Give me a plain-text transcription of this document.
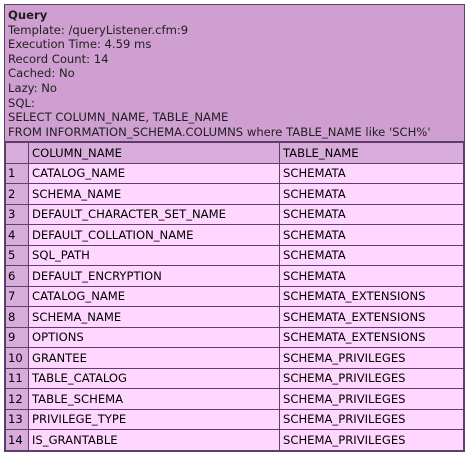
Query
Template: /queryListener.cfm:9
Execution Time: 4.59 ms
Record Count: 14
Cached: No
Lazy: No
SQL:
SELECT COLUMN_NAME, TABLE_NAME
FROM INFORMATION_SCHEMA.COLUMNS where TABLE_NAME like 'SCH%'
	COLUMN_NAME	TABLE_NAME
1	CATALOG_NAME	SCHEMATA
2	SCHEMA_NAME	SCHEMATA
3	DEFAULT_CHARACTER_SET_NAME	SCHEMATA
4	DEFAULT_COLLATION_NAME	SCHEMATA
5	SQL_PATH	SCHEMATA
6	DEFAULT_ENCRYPTION	SCHEMATA
7	CATALOG_NAME	SCHEMATA_EXTENSIONS
8	SCHEMA_NAME	SCHEMATA_EXTENSIONS
9	OPTIONS	SCHEMATA_EXTENSIONS
10	GRANTEE	SCHEMA_PRIVILEGES
11	TABLE_CATALOG	SCHEMA_PRIVILEGES
12	TABLE_SCHEMA	SCHEMA_PRIVILEGES
13	PRIVILEGE_TYPE	SCHEMA_PRIVILEGES
14	IS_GRANTABLE	SCHEMA_PRIVILEGES
